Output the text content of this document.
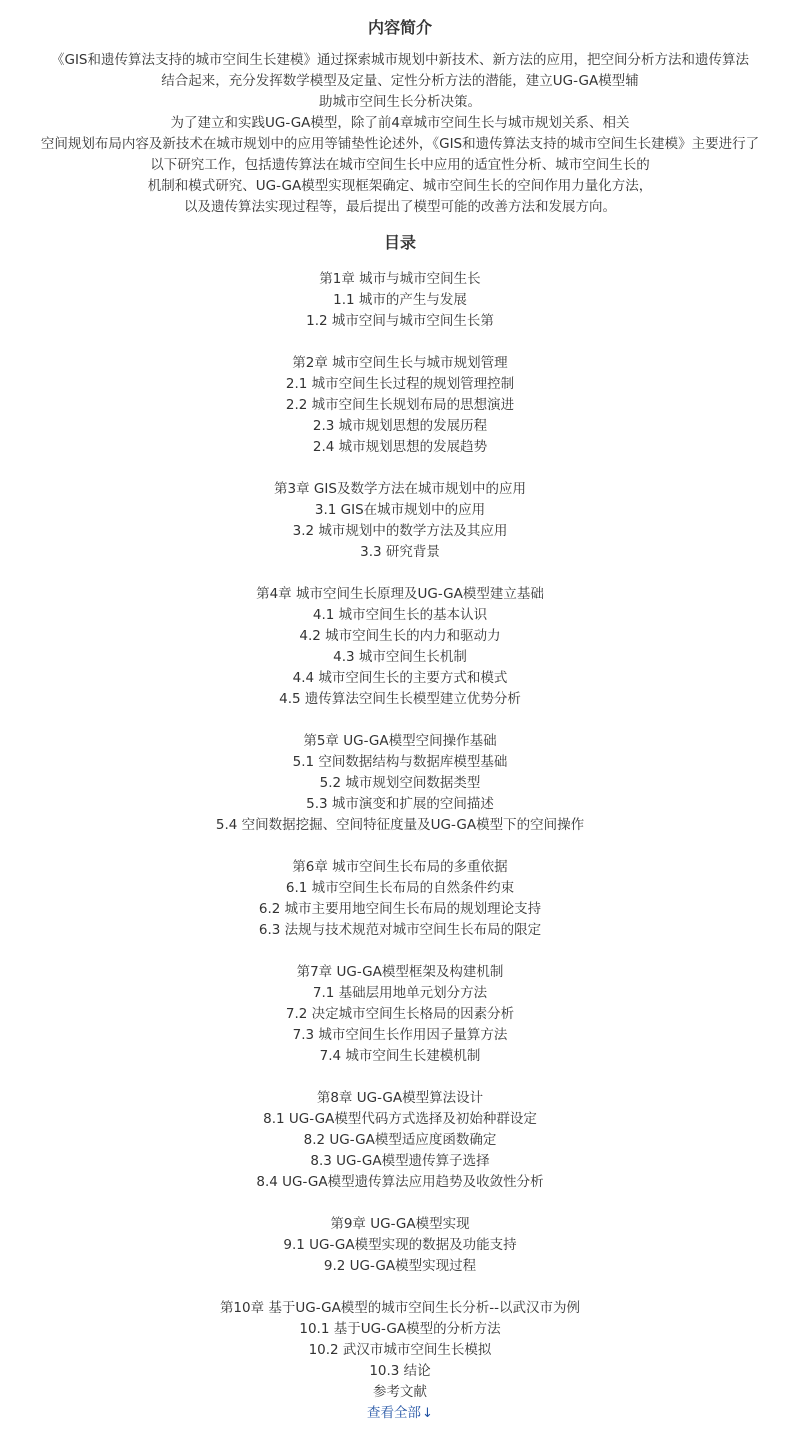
内容简介
《GIS和遗传算法支持的城市空间生长建模》通过探索城市规划中新技术、新方法的应用，把空间分析方法和遗传算法
结合起来，充分发挥数学模型及定量、定性分析方法的潜能，建立UG-GA模型辅
助城市空间生长分析决策。
为了建立和实践UG-GA模型，除了前4章城市空间生长与城市规划关系、相关
空间规划布局内容及新技术在城市规划中的应用等铺垫性论述外，《GIS和遗传算法支持的城市空间生长建模》主要进行了
以下研究工作，包括遗传算法在城市空间生长中应用的适宜性分析、城市空间生长的
机制和模式研究、UG-GA模型实现框架确定、城市空间生长的空间作用力量化方法，
以及遗传算法实现过程等，最后提出了模型可能的改善方法和发展方向。
目录
第1章 城市与城市空间生长
1.1 城市的产生与发展
1.2 城市空间与城市空间生长第
第2章 城市空间生长与城市规划管理
2.1 城市空间生长过程的规划管理控制
2.2 城市空间生长规划布局的思想演进
2.3 城市规划思想的发展历程
2.4 城市规划思想的发展趋势
第3章 GIS及数学方法在城市规划中的应用
3.1 GIS在城市规划中的应用
3.2 城市规划中的数学方法及其应用
3.3 研究背景
第4章 城市空间生长原理及UG-GA模型建立基础
4.1 城市空间生长的基本认识
4.2 城市空间生长的内力和驱动力
4.3 城市空间生长机制
4.4 城市空间生长的主要方式和模式
4.5 遗传算法空间生长模型建立优势分析
第5章 UG-GA模型空间操作基础
5.1 空间数据结构与数据库模型基础
5.2 城市规划空间数据类型
5.3 城市演变和扩展的空间描述
5.4 空间数据挖掘、空间特征度量及UG-GA模型下的空间操作
第6章 城市空间生长布局的多重依据
6.1 城市空间生长布局的自然条件约束
6.2 城市主要用地空间生长布局的规划理论支持
6.3 法规与技术规范对城市空间生长布局的限定
第7章 UG-GA模型框架及构建机制
7.1 基础层用地单元划分方法
7.2 决定城市空间生长格局的因素分析
7.3 城市空间生长作用因子量算方法
7.4 城市空间生长建模机制
第8章 UG-GA模型算法设计
8.1 UG-GA模型代码方式选择及初始种群设定
8.2 UG-GA模型适应度函数确定
8.3 UG-GA模型遗传算子选择
8.4 UG-GA模型遗传算法应用趋势及收敛性分析
第9章 UG-GA模型实现
9.1 UG-GA模型实现的数据及功能支持
9.2 UG-GA模型实现过程
第10章 基于UG-GA模型的城市空间生长分析--以武汉市为例
10.1 基于UG-GA模型的分析方法
10.2 武汉市城市空间生长模拟
10.3 结论
参考文献
查看全部↓
